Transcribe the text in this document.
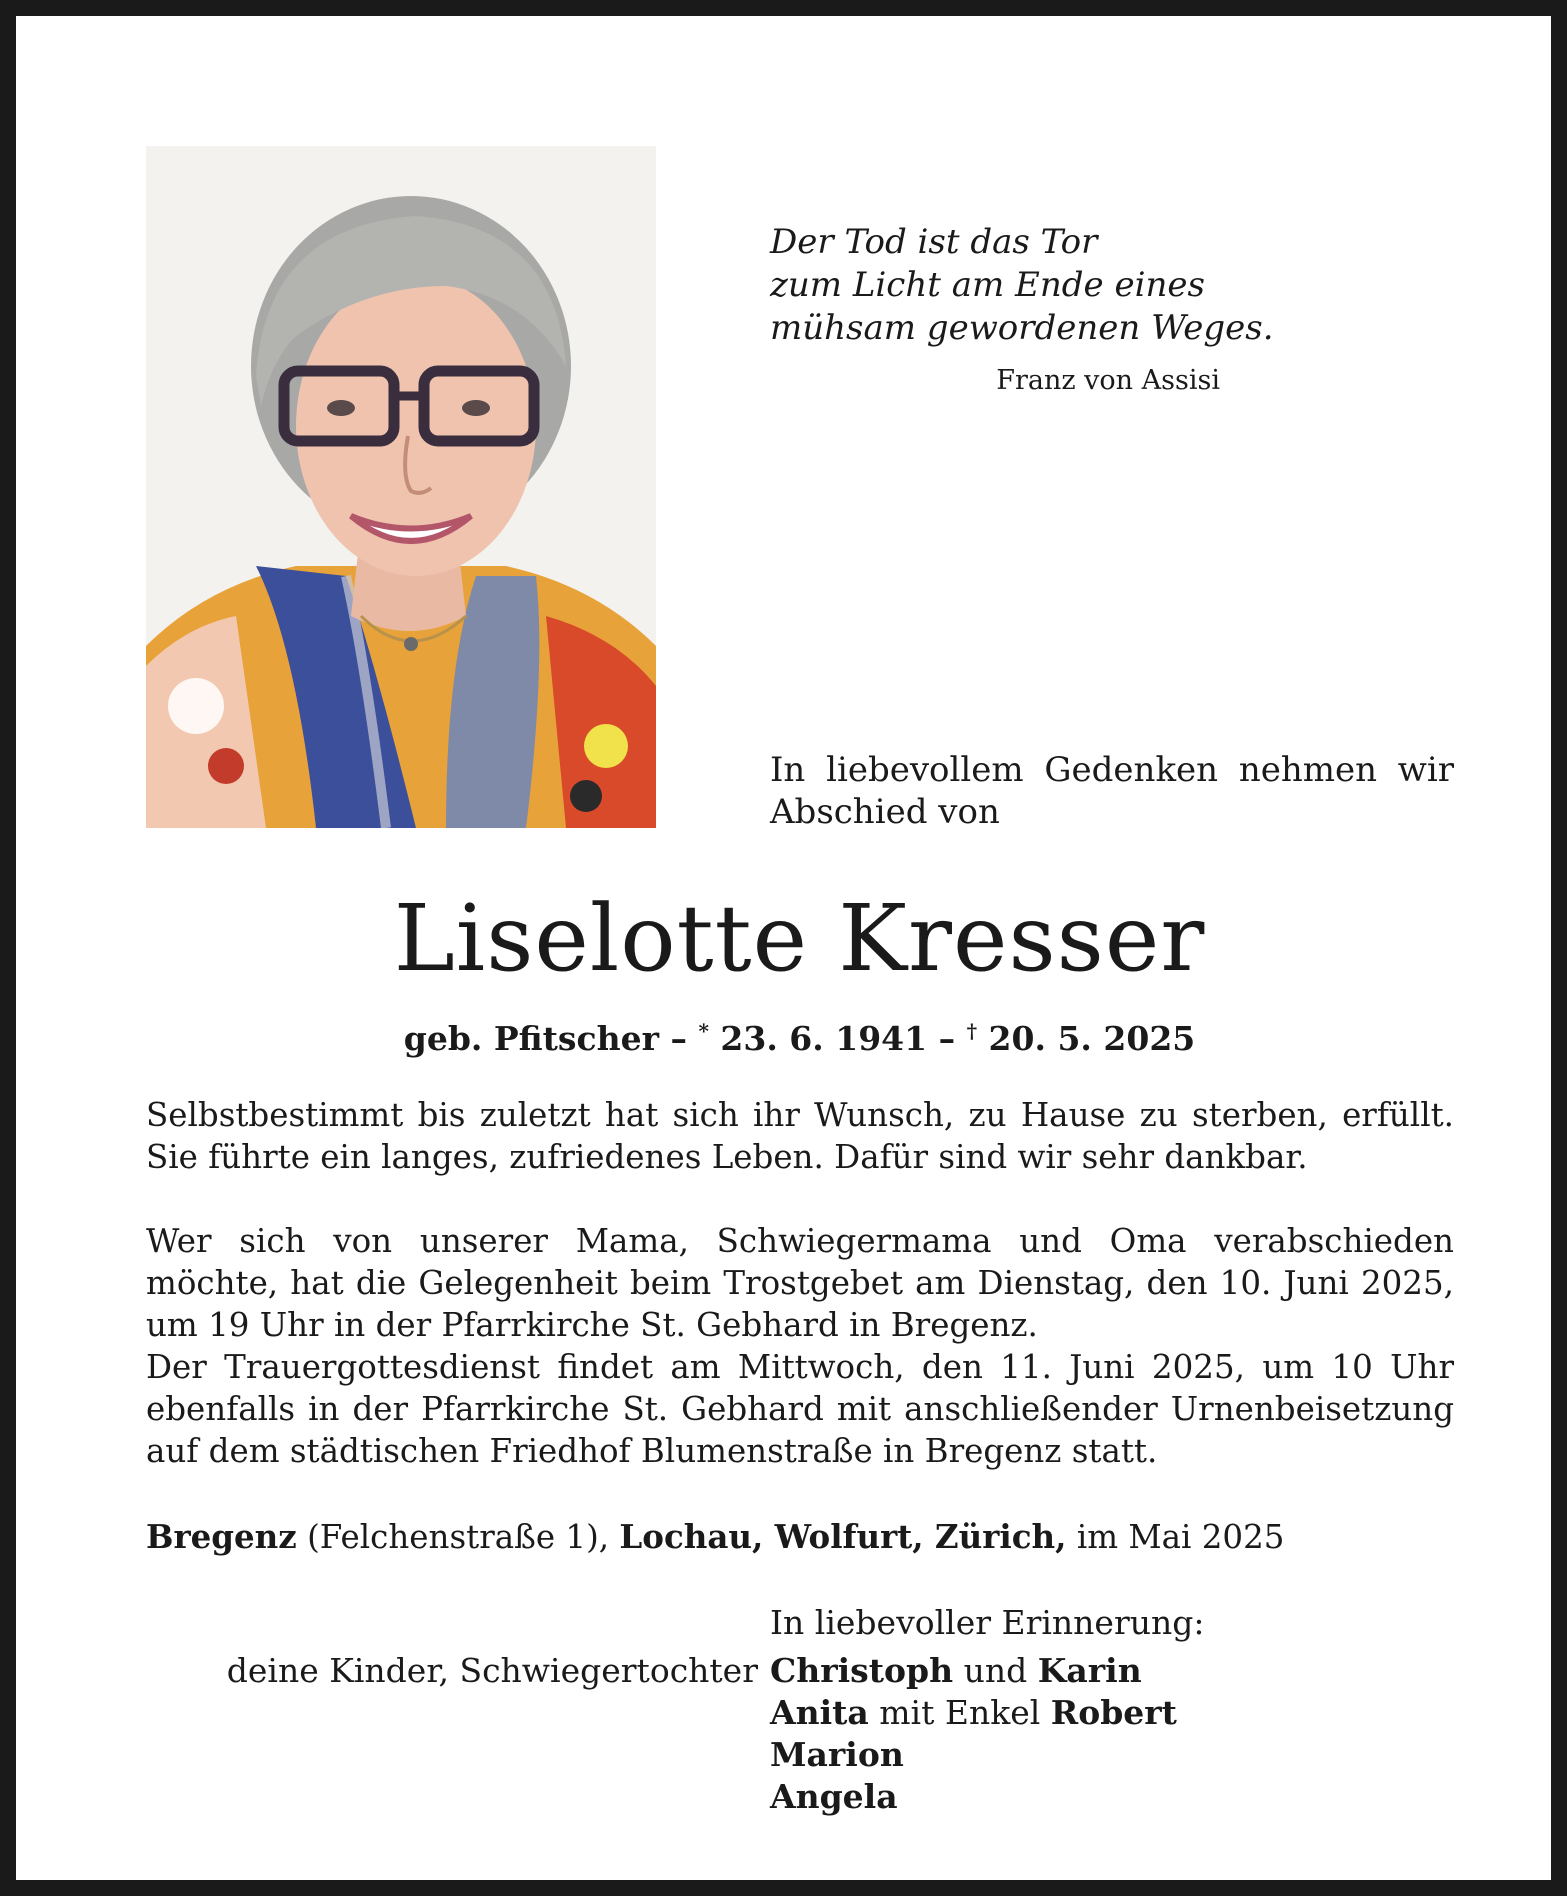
Der Tod ist das Tor
zum Licht am Ende eines
mühsam gewordenen Weges.
Franz von Assisi
In liebevollem Gedenken nehmen wir Abschied von
Liselotte Kresser
geb. Pfitscher – * 23. 6. 1941 – † 20. 5. 2025

Selbstbestimmt bis zuletzt hat sich ihr Wunsch, zu Hause zu sterben, erfüllt. Sie führte ein langes, zufriedenes Leben. Dafür sind wir sehr dankbar.

Wer sich von unserer Mama, Schwiegermama und Oma verabschieden möchte, hat die Gelegenheit beim Trostgebet am Dienstag, den 10. Juni 2025, um 19 Uhr in der Pfarrkirche St. Gebhard in Bregenz.

Der Trauergottesdienst findet am Mittwoch, den 11. Juni 2025, um 10 Uhr ebenfalls in der Pfarrkirche St. Gebhard mit anschließender Urnenbeisetzung auf dem städtischen Friedhof Blumenstraße in Bregenz statt.

Bregenz (Felchenstraße 1), Lochau, Wolfurt, Zürich, im Mai 2025
In liebevoller Erinnerung:
deine Kinder, Schwiegertochter Christoph und Karin
Anita mit Enkel Robert
Marion
Angela
